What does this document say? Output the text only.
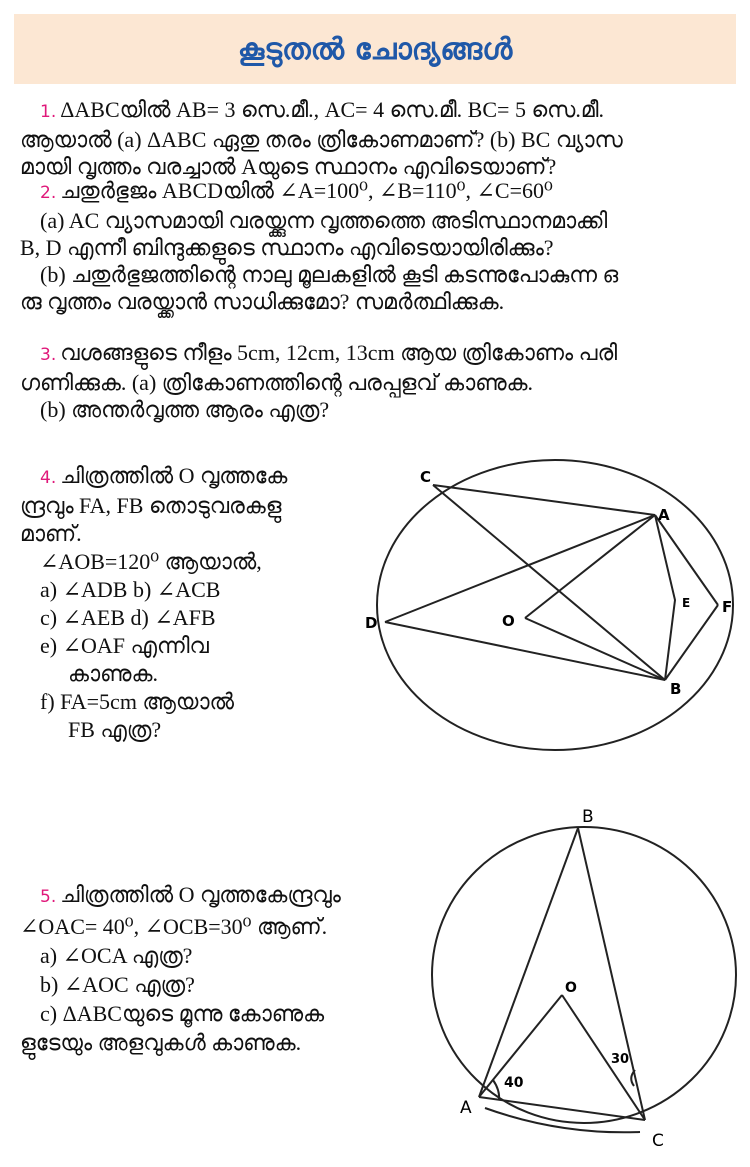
കൂടുതൽ ചോദ്യങ്ങൾ
1. ΔABCയിൽ AB= 3 സെ.മീ., AC= 4 സെ.മീ. BC= 5 സെ.മീ.
ആയാൽ (a) ΔABC ഏതു തരം ത്രികോണമാണ്? (b) BC വ്യാസ
മായി വൃത്തം വരച്ചാൽ Aയുടെ സ്ഥാനം എവിടെയാണ്?
2. ചതുർഭുജം ABCDയിൽ ∠A=100⁰, ∠B=110⁰, ∠C=60⁰
(a) AC വ്യാസമായി വരയ്ക്കുന്ന വൃത്തത്തെ അടിസ്ഥാനമാക്കി
B, D എന്നീ ബിന്ദുക്കളുടെ സ്ഥാനം എവിടെയായിരിക്കും?
(b) ചതുർഭുജത്തിന്റെ നാലു മൂലകളിൽ കൂടി കടന്നുപോകുന്ന ഒ
രു വൃത്തം വരയ്ക്കാൻ സാധിക്കുമോ? സമർത്ഥിക്കുക.
3. വശങ്ങളുടെ നീളം 5cm, 12cm, 13cm ആയ ത്രികോണം പരി
ഗണിക്കുക. (a) ത്രികോണത്തിന്റെ പരപ്പളവ് കാണുക.
(b) അന്തർവൃത്ത ആരം എത്ര?
4. ചിത്രത്തിൽ O വൃത്തകേ
ന്ദ്രവും FA, FB തൊടുവരകളു
മാണ്.
∠AOB=120⁰ ആയാൽ,
a) ∠ADB b) ∠ACB
c) ∠AEB d) ∠AFB
e) ∠OAF എന്നിവ
കാണുക.
f) FA=5cm ആയാൽ
FB എത്ര?
5. ചിത്രത്തിൽ O വൃത്തകേന്ദ്രവും
∠OAC= 40⁰, ∠OCB=30⁰ ആണ്.
a) ∠OCA എത്ര?
b) ∠AOC എത്ര?
c) ΔABCയുടെ മൂന്നു കോണുക
ളുടേയും അളവുകൾ കാണുക.
C
A
D	O
E F
B
B
O
A
C
40
30
